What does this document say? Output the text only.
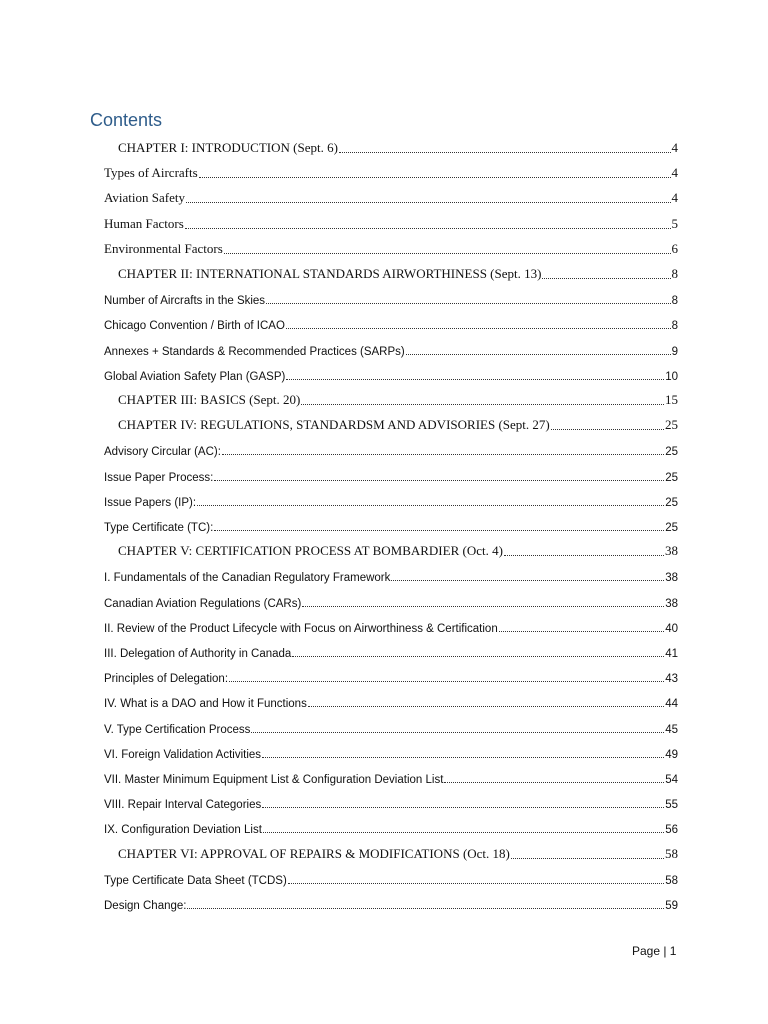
Contents
CHAPTER I: INTRODUCTION (Sept. 6)	4
Types of Aircrafts	4
Aviation Safety	4
Human Factors	5
Environmental Factors	6
CHAPTER II: INTERNATIONAL STANDARDS AIRWORTHINESS (Sept. 13)	8
Number of Aircrafts in the Skies	8
Chicago Convention / Birth of ICAO	8
Annexes + Standards & Recommended Practices (SARPs)	9
Global Aviation Safety Plan (GASP)	10
CHAPTER III: BASICS (Sept. 20)	15
CHAPTER IV: REGULATIONS, STANDARDSM AND ADVISORIES (Sept. 27)	25
Advisory Circular (AC):	25
Issue Paper Process:	25
Issue Papers (IP):	25
Type Certificate (TC):	25
CHAPTER V: CERTIFICATION PROCESS AT BOMBARDIER (Oct. 4)	38
I. Fundamentals of the Canadian Regulatory Framework	38
Canadian Aviation Regulations (CARs)	38
II. Review of the Product Lifecycle with Focus on Airworthiness & Certification	40
III. Delegation of Authority in Canada	41
Principles of Delegation:	43
IV. What is a DAO and How it Functions	44
V. Type Certification Process	45
VI. Foreign Validation Activities	49
VII. Master Minimum Equipment List & Configuration Deviation List	54
VIII. Repair Interval Categories	55
IX. Configuration Deviation List	56
CHAPTER VI: APPROVAL OF REPAIRS & MODIFICATIONS (Oct. 18)	58
Type Certificate Data Sheet (TCDS)	58
Design Change:	59
Page | 1
